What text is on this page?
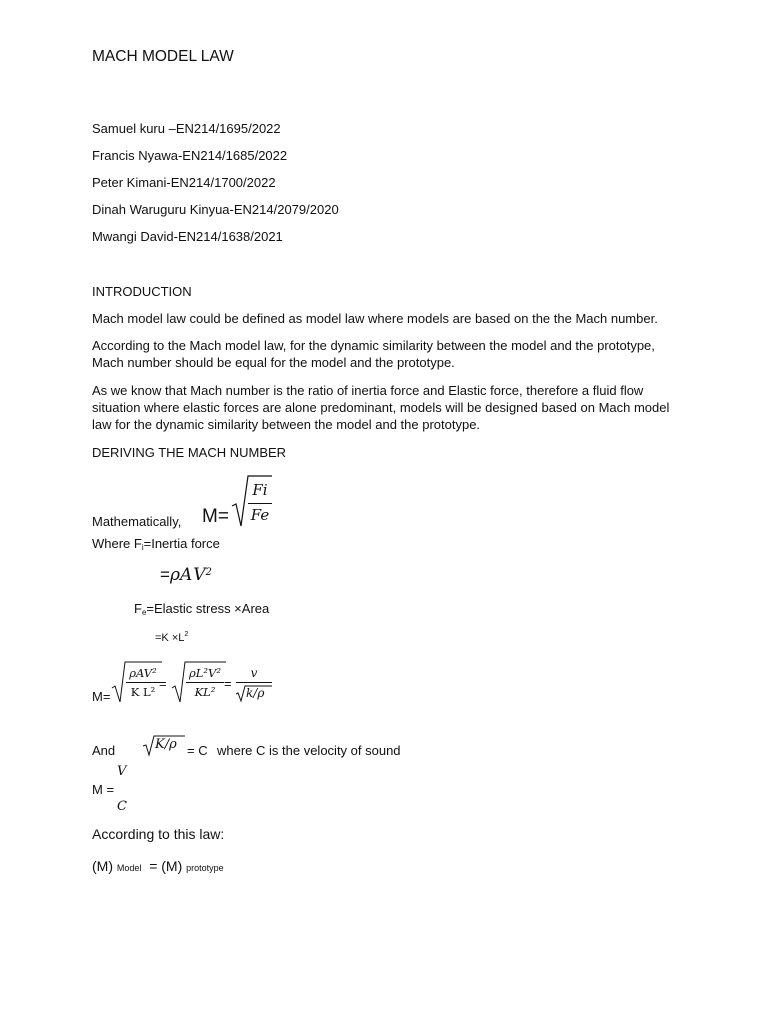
MACH MODEL LAW
Samuel kuru –EN214/1695/2022
Francis Nyawa-EN214/1685/2022
Peter Kimani-EN214/1700/2022
Dinah Waruguru Kinyua-EN214/2079/2020
Mwangi David-EN214/1638/2021
INTRODUCTION
Mach model law could be defined as model law where models are based on the the Mach number.
According to the Mach model law, for the dynamic similarity between the model and the prototype, Mach number should be equal for the model and the prototype.
As we know that Mach number is the ratio of inertia force and Elastic force, therefore a fluid flow situation where elastic forces are alone predominant, models will be designed based on Mach model law for the dynamic similarity between the model and the prototype.
DERIVING THE MACH NUMBER
Mathematically, M=
Fi
Fe
Where $F_i=Inertia$ force
=ρAV$^2$
$F_e=Elastic$ stress ×Area
$=K \times L^2$
M=
ρAV²
K L²
=
ρL²V²
KL²
=
v
k/ρ
And	K/ρ = C where C is the velocity of sound
M =
V
C
According to this law:
(M) Model = (M) prototype
